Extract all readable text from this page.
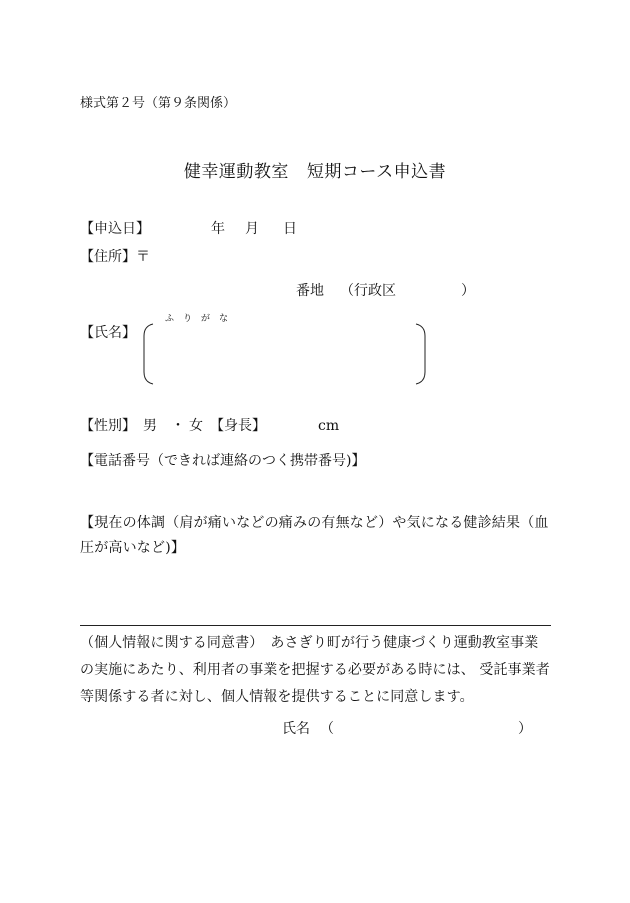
様式第２号（第９条関係）
健幸運動教室 短期コース申込書
【申込日】	年 月 日
【住所】〒
番地 （行政区	）
【氏名】
ふ り が な
【性別】 男 ・ 女 【身長】	cm
【電話番号（できれば連絡のつく携帯番号)】
【現在の体調（肩が痛いなどの痛みの有無など）や気になる健診結果（血圧が高いなど)】
（個人情報に関する同意書）　あさぎり町が行う健康づくり運動教室事業の実施にあたり、利用者の事業を把握する必要がある時には、 受託事業者等関係する者に対し、個人情報を提供することに同意します。
氏名 （	）
